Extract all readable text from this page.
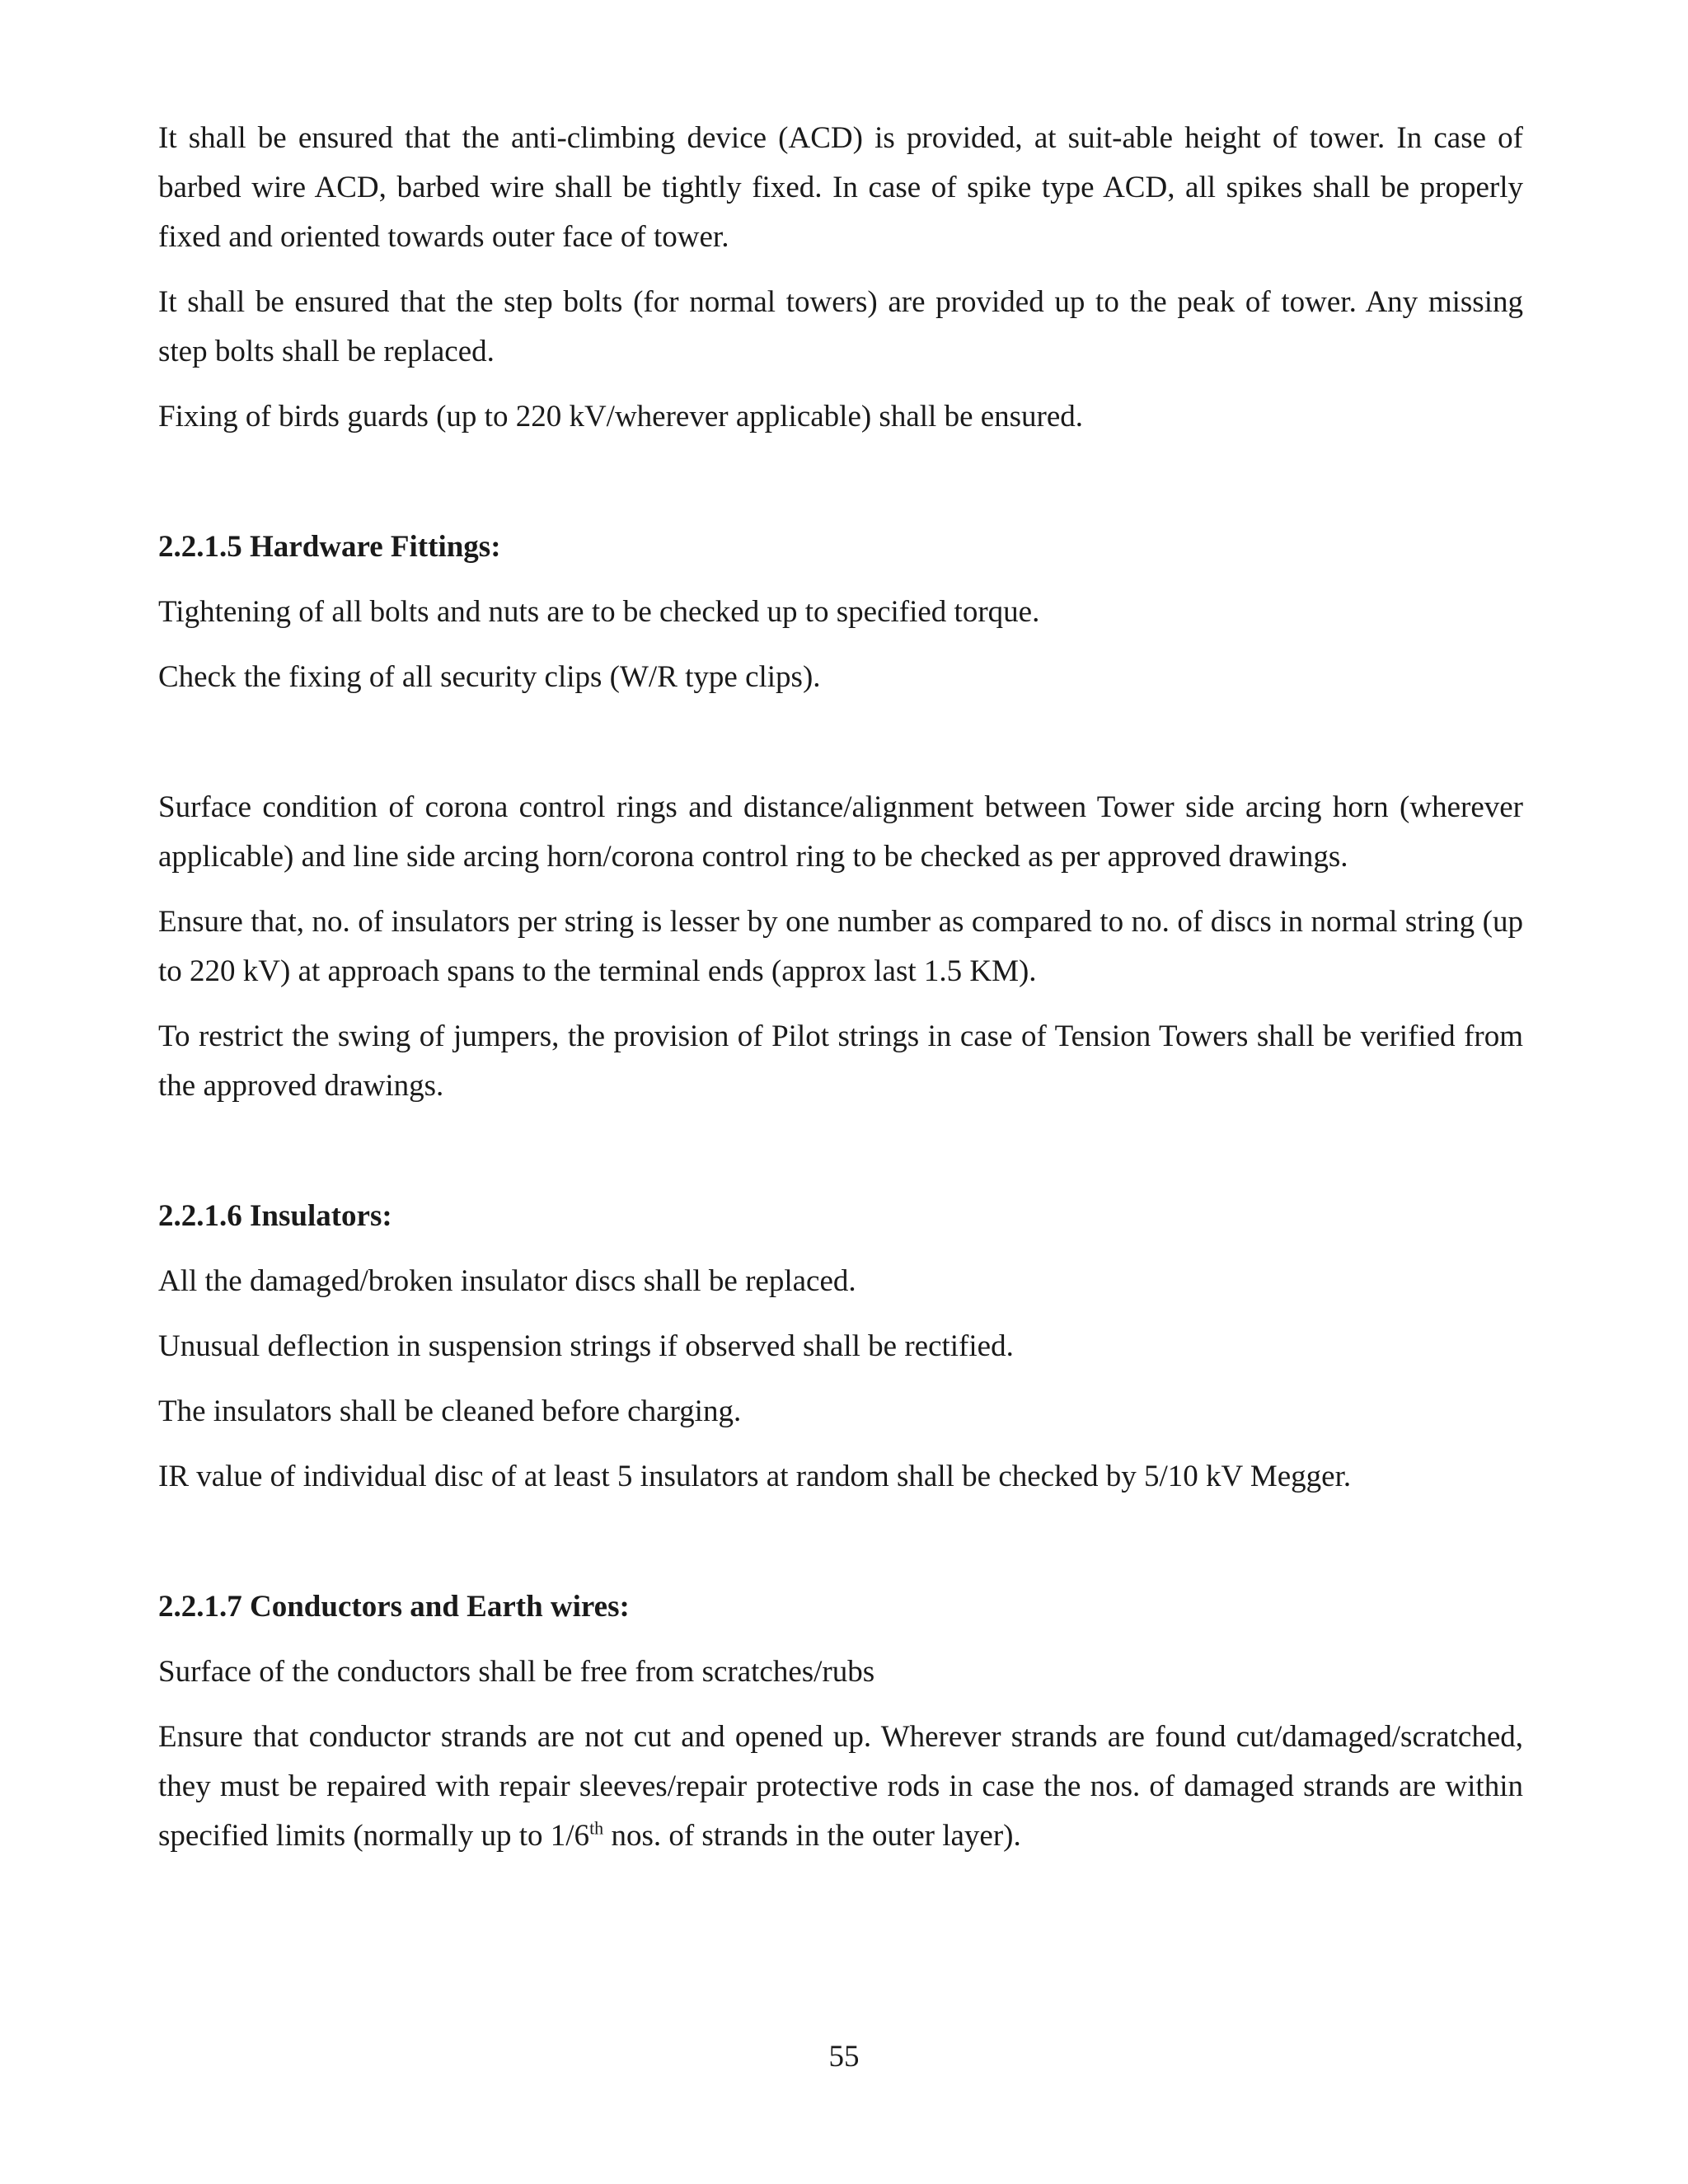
It shall be ensured that the anti-climbing device (ACD) is provided, at suit-able height of tower. In case of barbed wire ACD, barbed wire shall be tightly fixed. In case of spike type ACD, all spikes shall be properly fixed and oriented towards outer face of tower.

It shall be ensured that the step bolts (for normal towers) are provided up to the peak of tower. Any missing step bolts shall be replaced.

Fixing of birds guards (up to 220 kV/wherever applicable) shall be ensured.

2.2.1.5 Hardware Fittings:

Tightening of all bolts and nuts are to be checked up to specified torque.

Check the fixing of all security clips (W/R type clips).

Surface condition of corona control rings and distance/alignment between Tower side arcing horn (wherever applicable) and line side arcing horn/corona control ring to be checked as per approved drawings.

Ensure that, no. of insulators per string is lesser by one number as compared to no. of discs in normal string (up to 220 kV) at approach spans to the terminal ends (approx last 1.5 KM).

To restrict the swing of jumpers, the provision of Pilot strings in case of Tension Towers shall be verified from the approved drawings.

2.2.1.6 Insulators:

All the damaged/broken insulator discs shall be replaced.

Unusual deflection in suspension strings if observed shall be rectified.

The insulators shall be cleaned before charging.

IR value of individual disc of at least 5 insulators at random shall be checked by 5/10 kV Megger.

2.2.1.7 Conductors and Earth wires:

Surface of the conductors shall be free from scratches/rubs

Ensure that conductor strands are not cut and opened up. Wherever strands are found cut/damaged/scratched, they must be repaired with repair sleeves/repair protective rods in case the nos. of damaged strands are within specified limits (normally up to 1/6th nos. of strands in the outer layer).

55
